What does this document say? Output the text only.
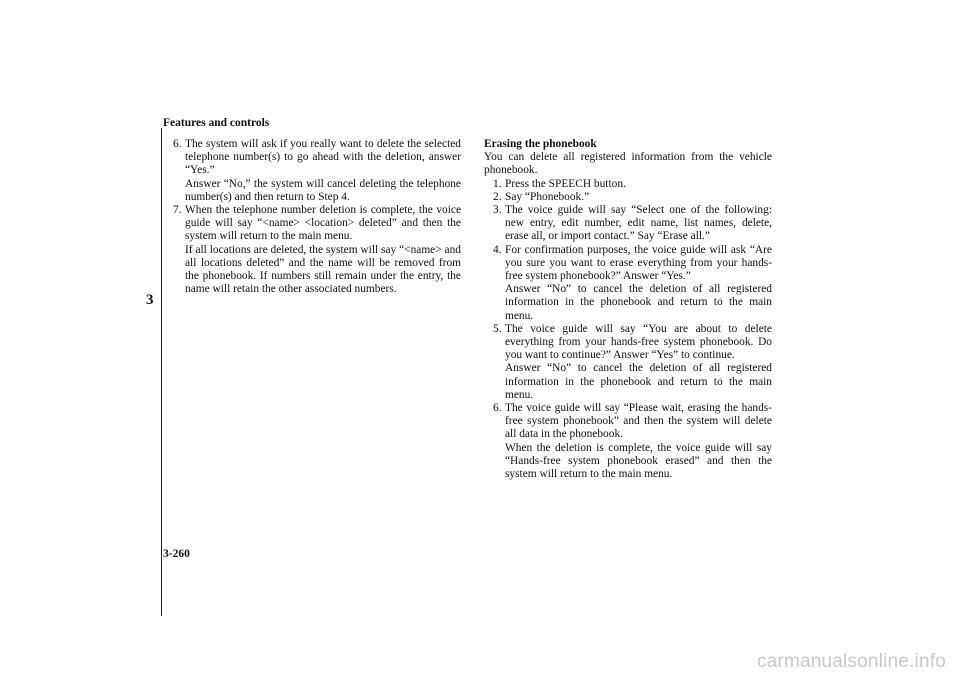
Features and controls
3
6. The system will ask if you really want to delete the selected telephone number(s) to go ahead with the deletion, answer “Yes.”

Answer “No,” the system will cancel deleting the telephone number(s) and then return to Step 4.

7. When the telephone number deletion is complete, the voice guide will say “<name> <location> deleted” and then the system will return to the main menu.

If all locations are deleted, the system will say “<name> and all locations deleted” and the name will be removed from the phonebook. If numbers still remain under the entry, the name will retain the other associated numbers.

Erasing the phonebook

You can delete all registered information from the vehicle phonebook.

1. Press the SPEECH button.

2. Say “Phonebook.”

3. The voice guide will say “Select one of the following: new entry, edit number, edit name, list names, delete, erase all, or import contact.” Say “Erase all.”

4. For confirmation purposes, the voice guide will ask “Are you sure you want to erase everything from your hands-free system phonebook?” Answer “Yes.”

Answer “No” to cancel the deletion of all registered information in the phonebook and return to the main menu.

5. The voice guide will say “You are about to delete everything from your hands-free system phonebook. Do you want to continue?” Answer “Yes” to continue.

Answer “No” to cancel the deletion of all registered information in the phonebook and return to the main menu.

6. The voice guide will say “Please wait, erasing the hands-free system phonebook” and then the system will delete all data in the phonebook.

When the deletion is complete, the voice guide will say “Hands-free system phonebook erased” and then the system will return to the main menu.

3-260
carmanualsonline.info
